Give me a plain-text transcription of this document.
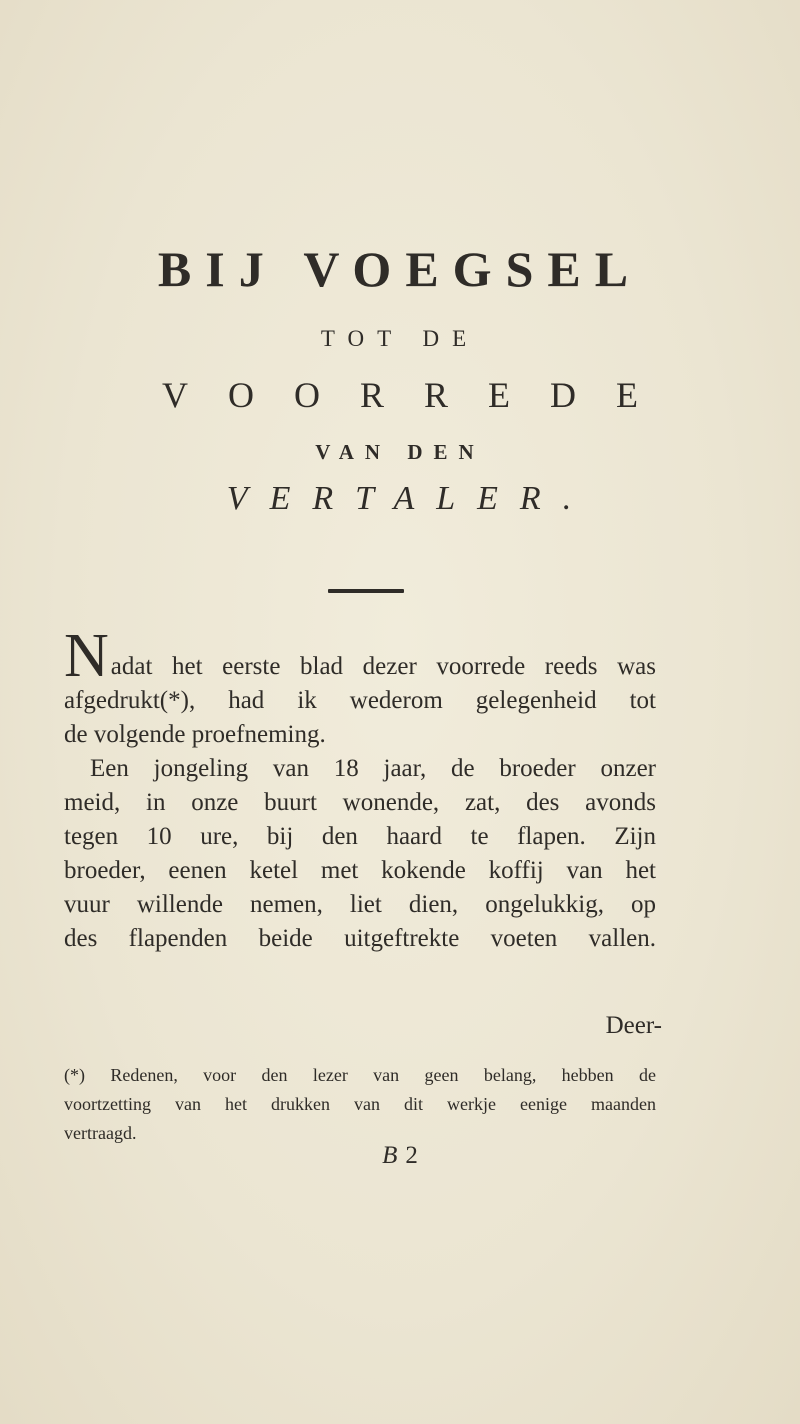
BIJ VOEGSEL
TOT DE
VOORREDE
VAN DEN
VERTALER.
Nadat het eerste blad dezer voorrede reeds was
afgedrukt(*), had ik wederom gelegenheid tot
de volgende proefneming.
Een jongeling van 18 jaar, de broeder onzer
meid, in onze buurt wonende, zat, des avonds
tegen 10 ure, bij den haard te flapen. Zijn
broeder, eenen ketel met kokende koffij van het
vuur willende nemen, liet dien, ongelukkig, op
des flapenden beide uitgeftrekte voeten vallen.
Deer-
(*) Redenen, voor den lezer van geen belang, hebben de
voortzetting van het drukken van dit werkje eenige maanden
vertraagd.
B 2
